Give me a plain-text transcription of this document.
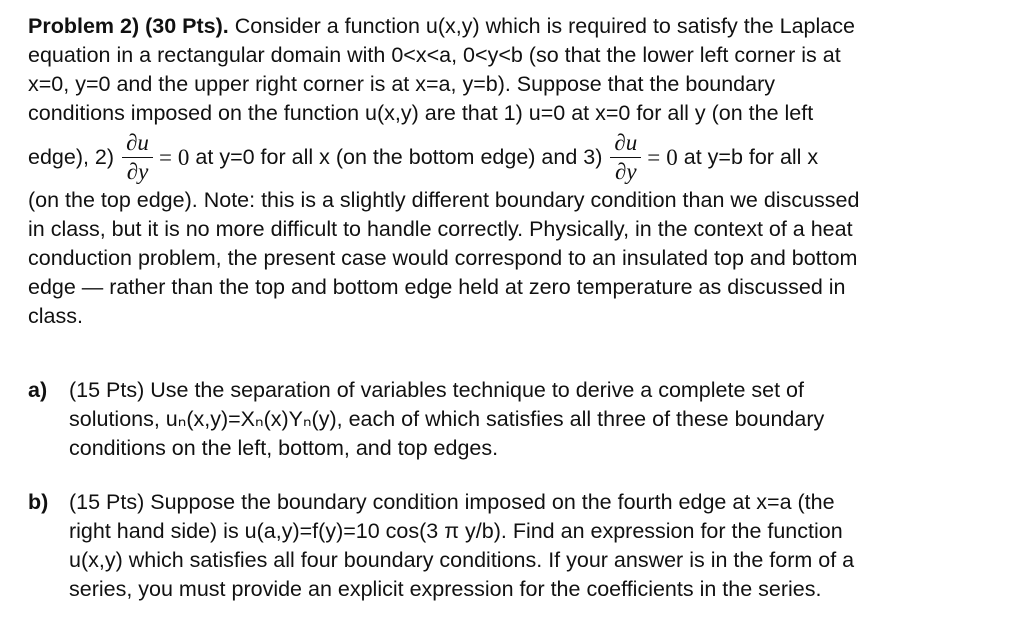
Problem 2) (30 Pts). Consider a function u(x,y) which is required to satisfy the Laplace
equation in a rectangular domain with 0<x<a, 0<y<b (so that the lower left corner is at
x=0, y=0 and the upper right corner is at x=a, y=b). Suppose that the boundary
conditions imposed on the function u(x,y) are that 1) u=0 at x=0 for all y (on the left
edge), $2) \frac{\partial u}{\partial y} = 0$ at y=0 for all x (on the bottom edge) and $3) \frac{\partial u}{\partial y} = 0$ at y=b for all x
(on the top edge). Note: this is a slightly different boundary condition than we discussed
in class, but it is no more difficult to handle correctly. Physically, in the context of a heat
conduction problem, the present case would correspond to an insulated top and bottom
edge — rather than the top and bottom edge held at zero temperature as discussed in
class.
a) (15 Pts) Use the separation of variables technique to derive a complete set of
solutions, uₙ(x,y)=Xₙ(x)Yₙ(y), each of which satisfies all three of these boundary
conditions on the left, bottom, and top edges.
b) (15 Pts) Suppose the boundary condition imposed on the fourth edge at x=a (the
right hand side) is u(a,y)=f(y)=10 cos(3 π y/b). Find an expression for the function
u(x,y) which satisfies all four boundary conditions. If your answer is in the form of a
series, you must provide an explicit expression for the coefficients in the series.
